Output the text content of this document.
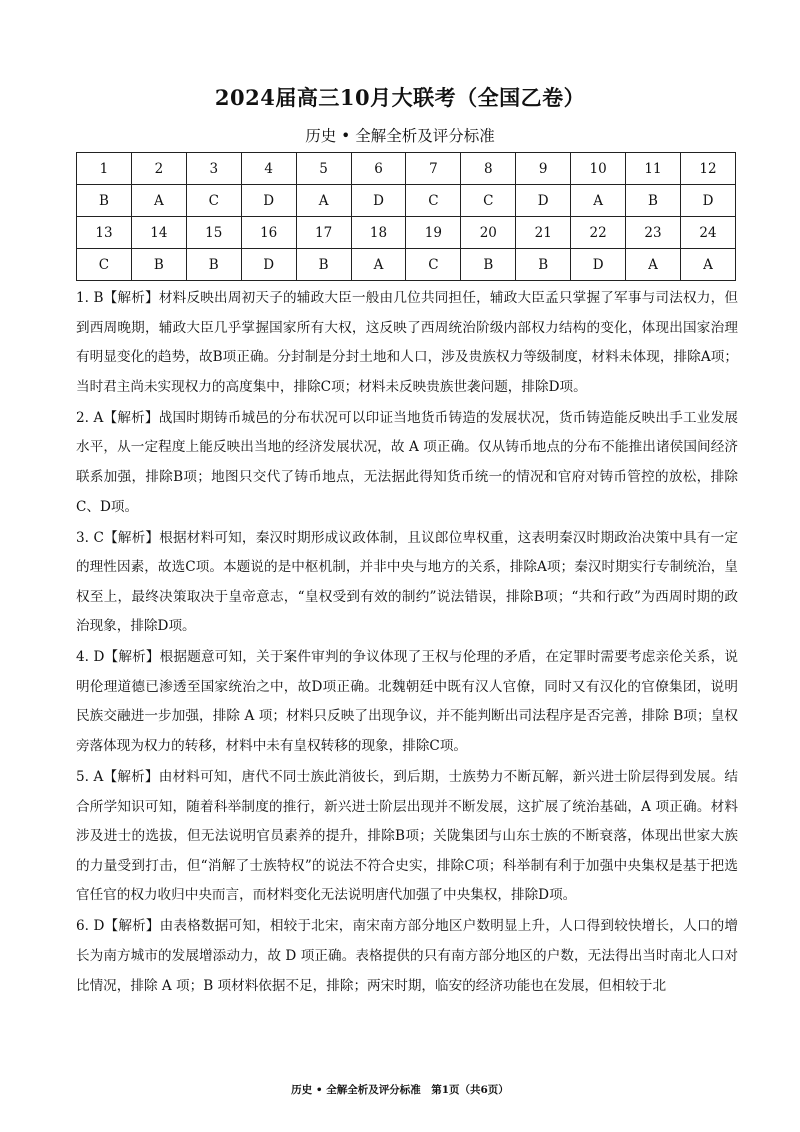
2024届高三10月大联考（全国乙卷）
历史 • 全解全析及评分标准
1	2	3	4	5	6	7	8	9	10	11	12
B	A	C	D	A	D	C	C	D	A	B	D
13	14	15	16	17	18	19	20	21	22	23	24
C	B	B	D	B	A	C	B	B	D	A	A

1. B【解析】材料反映出周初天子的辅政大臣一般由几位共同担任，辅政大臣孟只掌握了军事与司法权力，但到西周晚期，辅政大臣几乎掌握国家所有大权，这反映了西周统治阶级内部权力结构的变化，体现出国家治理有明显变化的趋势，故B项正确。分封制是分封土地和人口，涉及贵族权力等级制度，材料未体现，排除A项；当时君主尚未实现权力的高度集中，排除C项；材料未反映贵族世袭问题，排除D项。

2. A【解析】战国时期铸币城邑的分布状况可以印证当地货币铸造的发展状况，货币铸造能反映出手工业发展水平，从一定程度上能反映出当地的经济发展状况，故 A 项正确。仅从铸币地点的分布不能推出诸侯国间经济联系加强，排除B项；地图只交代了铸币地点，无法据此得知货币统一的情况和官府对铸币管控的放松，排除C、D项。

3. C【解析】根据材料可知，秦汉时期形成议政体制，且议郎位卑权重，这表明秦汉时期政治决策中具有一定的理性因素，故选C项。本题说的是中枢机制，并非中央与地方的关系，排除A项；秦汉时期实行专制统治，皇权至上，最终决策取决于皇帝意志，“皇权受到有效的制约”说法错误，排除B项；“共和行政”为西周时期的政治现象，排除D项。

4. D【解析】根据题意可知，关于案件审判的争议体现了王权与伦理的矛盾，在定罪时需要考虑亲伦关系，说明伦理道德已渗透至国家统治之中，故D项正确。北魏朝廷中既有汉人官僚，同时又有汉化的官僚集团，说明民族交融进一步加强，排除 A 项；材料只反映了出现争议，并不能判断出司法程序是否完善，排除 B项；皇权旁落体现为权力的转移，材料中未有皇权转移的现象，排除C项。

5. A【解析】由材料可知，唐代不同士族此消彼长，到后期，士族势力不断瓦解，新兴进士阶层得到发展。结合所学知识可知，随着科举制度的推行，新兴进士阶层出现并不断发展，这扩展了统治基础，A 项正确。材料涉及进士的选拔，但无法说明官员素养的提升，排除B项；关陇集团与山东士族的不断衰落，体现出世家大族的力量受到打击，但“消解了士族特权”的说法不符合史实，排除C项；科举制有利于加强中央集权是基于把选官任官的权力收归中央而言，而材料变化无法说明唐代加强了中央集权，排除D项。

6. D【解析】由表格数据可知，相较于北宋，南宋南方部分地区户数明显上升，人口得到较快增长，人口的增长为南方城市的发展增添动力，故 D 项正确。表格提供的只有南方部分地区的户数，无法得出当时南北人口对比情况，排除 A 项；B 项材料依据不足，排除；两宋时期，临安的经济功能也在发展，但相较于北

历史 • 全解全析及评分标准　第1页（共6页）
